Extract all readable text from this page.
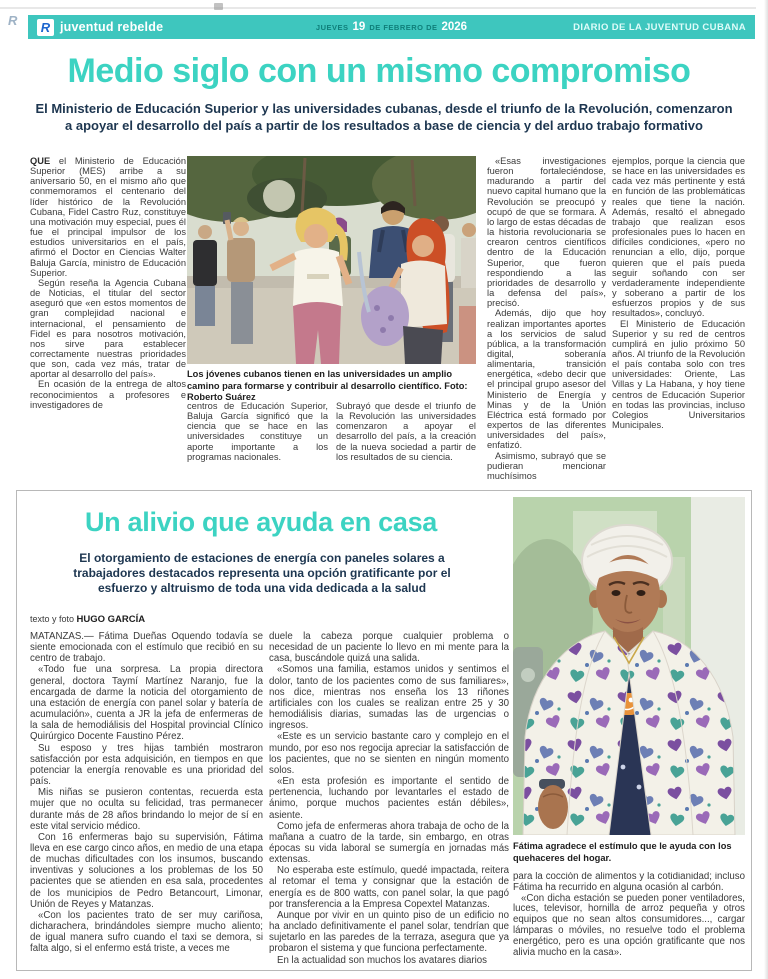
R R juventud rebelde	JUEVES 19 DE FEBRERO DE 2026	DIARIO DE LA JUVENTUD CUBANA
Medio siglo con un mismo compromiso
El Ministerio de Educación Superior y las universidades cubanas, desde el triunfo de la Revolución, comenzaron a apoyar el desarrollo del país a partir de los resultados a base de ciencia y del arduo trabajo formativo

QUE el Ministerio de Educación Superior (MES) arribe a su aniversario 50, en el mismo año que conmemoramos el centenario del líder histórico de la Revolución Cubana, Fidel Castro Ruz, constituye una motivación muy especial, pues él fue el principal impulsor de los estudios universitarios en el país, afirmó el Doctor en Ciencias Walter Baluja García, ministro de Educación Superior.

Según reseña la Agencia Cubana de Noticias, el titular del sector aseguró que «en estos momentos de gran complejidad nacional e internacional, el pensamiento de Fidel es para nosotros motivación, nos sirve para establecer correctamente nuestras prioridades que son, cada vez más, tratar de aportar al desarrollo del país».

En ocasión de la entrega de altos reconocimientos a profesores e investigadores de

Los jóvenes cubanos tienen en las universidades un amplio camino para formarse y contribuir al desarrollo científico. Foto: Roberto Suárez

centros de Educación Superior, Baluja García significó que la ciencia que se hace en las universidades constituye un aporte importante a los programas nacionales.

Subrayó que desde el triunfo de la Revolución las universidades comenzaron a apoyar el desarrollo del país, a la creación de la nueva sociedad a partir de los resultados de su ciencia.

«Esas investigaciones fueron fortaleciéndose, madurando a partir del nuevo capital humano que la Revolución se preocupó y ocupó de que se formara. A lo largo de estas décadas de la historia revolucionaria se crearon centros científicos dentro de la Educación Superior, que fueron respondiendo a las prioridades de desarrollo y la defensa del país», precisó.

Además, dijo que hoy realizan importantes aportes a los servicios de salud pública, a la transformación digital, soberanía alimentaria, transición energética, «debo decir que el principal grupo asesor del Ministerio de Energía y Minas y de la Unión Eléctrica está formado por expertos de las diferentes universidades del país», enfatizó.

Asimismo, subrayó que se pudieran mencionar muchísimos

ejemplos, porque la ciencia que se hace en las universidades es cada vez más pertinente y está en función de las problemáticas reales que tiene la nación. Además, resaltó el abnegado trabajo que realizan esos profesionales pues lo hacen en difíciles condiciones, «pero no renuncian a ello, dijo, porque quieren que el país pueda seguir soñando con ser verdaderamente independiente y soberano a partir de los esfuerzos propios y de sus resultados», concluyó.

El Ministerio de Educación Superior y su red de centros cumplirá en julio próximo 50 años. Al triunfo de la Revolución el país contaba solo con tres universidades: Oriente, Las Villas y La Habana, y hoy tiene centros de Educación Superior en todas las provincias, incluso Colegios Universitarios Municipales.

Un alivio que ayuda en casa
El otorgamiento de estaciones de energía con paneles solares a trabajadores destacados representa una opción gratificante por el esfuerzo y altruismo de toda una vida dedicada a la salud
texto y foto HUGO GARCÍA
Fátima agradece el estímulo que le ayuda con los quehaceres del hogar.

MATANZAS.— Fátima Dueñas Oquendo todavía se siente emocionada con el estímulo que recibió en su centro de trabajo.

«Todo fue una sorpresa. La propia directora general, doctora Taymí Martínez Naranjo, fue la encargada de darme la noticia del otorgamiento de una estación de energía con panel solar y batería de acumulación», cuenta a JR la jefa de enfermeras de la sala de hemodiálisis del Hospital provincial Clínico Quirúrgico Docente Faustino Pérez.

Su esposo y tres hijas también mostraron satisfacción por esta adquisición, en tiempos en que potenciar la energía renovable es una prioridad del país.

Mis niñas se pusieron contentas, recuerda esta mujer que no oculta su felicidad, tras permanecer durante más de 28 años brindando lo mejor de sí en este vital servicio médico.

Con 16 enfermeras bajo su supervisión, Fátima lleva en ese cargo cinco años, en medio de una etapa de muchas dificultades con los insumos, buscando inventivas y soluciones a los problemas de los 50 pacientes que se atienden en esa sala, procedentes de los municipios de Pedro Betancourt, Limonar, Unión de Reyes y Matanzas.

«Con los pacientes trato de ser muy cariñosa, dicharachera, brindándoles siempre mucho aliento; de igual manera sufro cuando el taxi se demora, si falta algo, si el enfermo está triste, a veces me

duele la cabeza porque cualquier problema o necesidad de un paciente lo llevo en mi mente para la casa, buscándole quizá una salida.

«Somos una familia, estamos unidos y sentimos el dolor, tanto de los pacientes como de sus familiares», nos dice, mientras nos enseña los 13 riñones artificiales con los cuales se realizan entre 25 y 30 hemodiálisis diarias, sumadas las de urgencias o ingresos.

«Este es un servicio bastante caro y complejo en el mundo, por eso nos regocija apreciar la satisfacción de los pacientes, que no se sienten en ningún momento solos.

«En esta profesión es importante el sentido de pertenencia, luchando por levantarles el estado de ánimo, porque muchos pacientes están débiles», asiente.

Como jefa de enfermeras ahora trabaja de ocho de la mañana a cuatro de la tarde, sin embargo, en otras épocas su vida laboral se sumergía en jornadas más extensas.

No esperaba este estímulo, quedé impactada, reitera al retomar el tema y consignar que la estación de energía es de 800 watts, con panel solar, la que pagó por transferencia a la Empresa Copextel Matanzas.

Aunque por vivir en un quinto piso de un edificio no ha anclado definitivamente el panel solar, tendrían que sujetarlo en las paredes de la terraza, asegura que ya probaron el sistema y que funciona perfectamente.

En la actualidad son muchos los avatares diarios

para la cocción de alimentos y la cotidianidad; incluso Fátima ha recurrido en alguna ocasión al carbón.

«Con dicha estación se pueden poner ventiladores, luces, televisor, hornilla de arroz pequeña y otros equipos que no sean altos consumidores..., cargar lámparas o móviles, no resuelve todo el problema energético, pero es una opción gratificante que nos alivia mucho en la casa».
